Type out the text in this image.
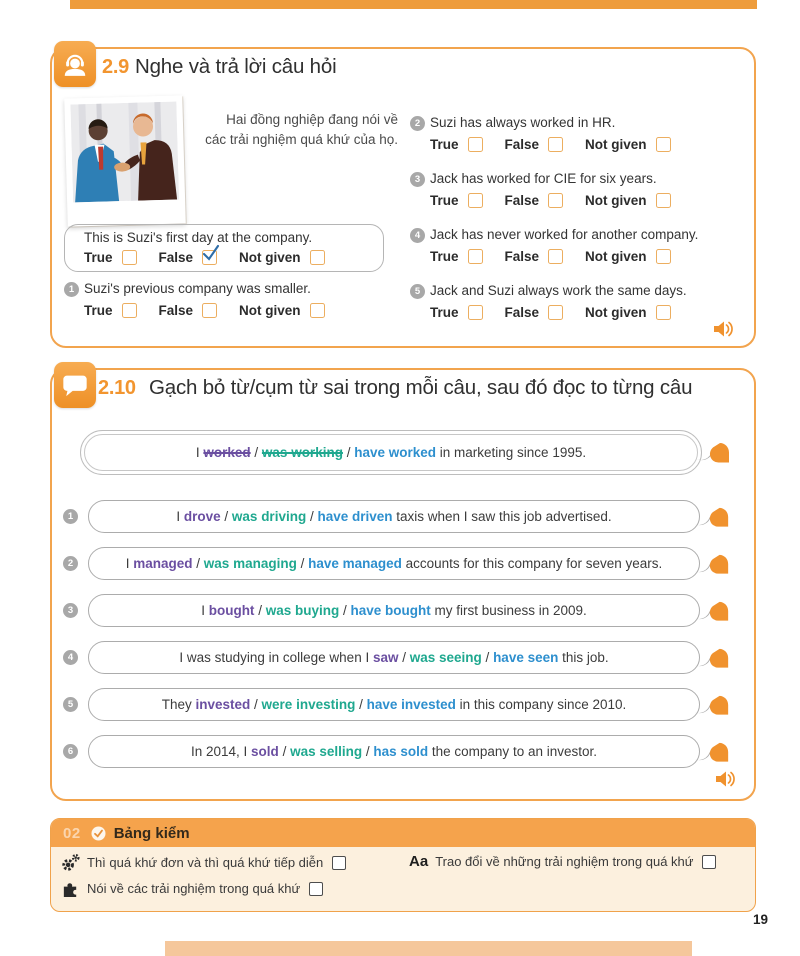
2.9 Nghe và trả lời câu hỏi
Hai đồng nghiệp đang nói về
các trải nghiệm quá khứ của họ.
This is Suzi's first day at the company.
True	False	Not given
1 Suzi's previous company was smaller.
True	False	Not given
2 Suzi has always worked in HR.
True	False	Not given
3 Jack has worked for CIE for six years.
True	False	Not given
4 Jack has never worked for another company.
True	False	Not given
5 Jack and Suzi always work the same days.
True	False	Not given
2.10 Gạch bỏ từ/cụm từ sai trong mỗi câu, sau đó đọc to từng câu
I worked / was working / have worked in marketing since 1995.
1	I drove / was driving / have driven taxis when I saw this job advertised.
2	I managed / was managing / have managed accounts for this company for seven years.
3	I bought / was buying / have bought my first business in 2009.
4	I was studying in college when I saw / was seeing / have seen this job.
5	They invested / were investing / have invested in this company since 2010.
6	In 2014, I sold / was selling / has sold the company to an investor.
02 Bảng kiểm
Thì quá khứ đơn và thì quá khứ tiếp diễn	Aa Trao đổi về những trải nghiệm trong quá khứ
Nói về các trải nghiệm trong quá khứ
19
